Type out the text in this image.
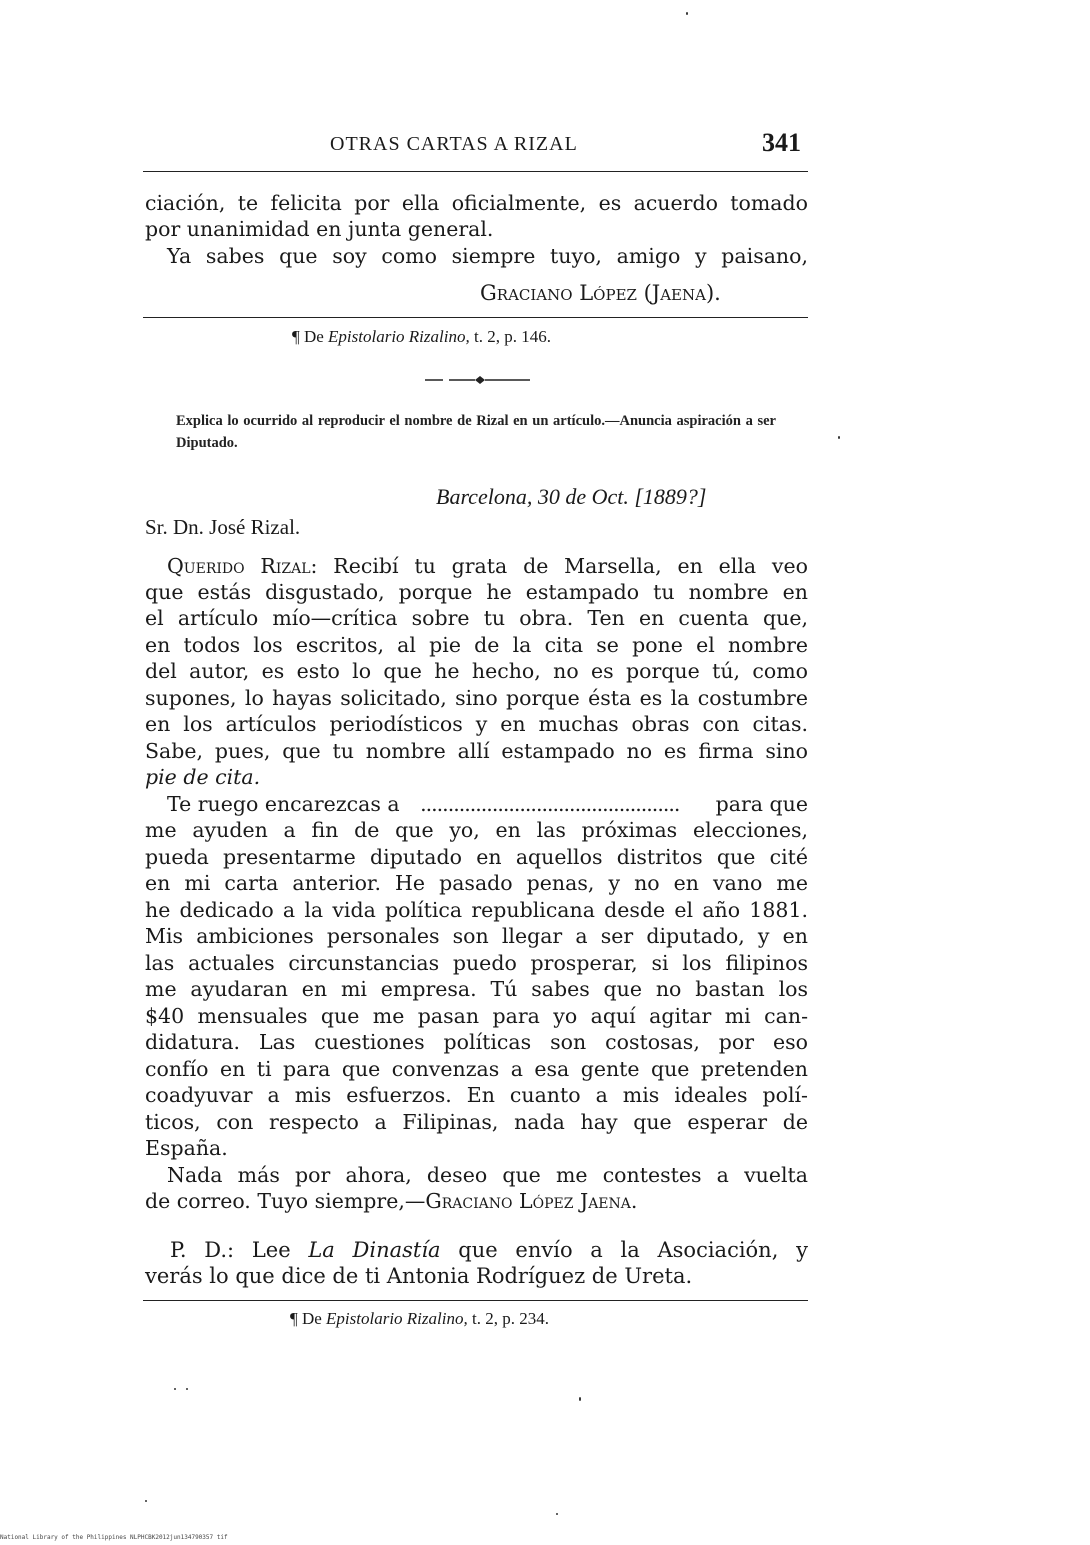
OTRAS CARTAS A RIZAL	341
ciación, te felicita por ella oficialmente, es acuerdo tomado
por unanimidad en junta general.
Ya sabes que soy como siempre tuyo, amigo y paisano,
Graciano López (Jaena).
¶ De Epistolario Rizalino, t. 2, p. 146.
Explica lo ocurrido al reproducir el nombre de Rizal en un artículo.—Anuncia aspiración a ser Diputado.
Barcelona, 30 de Oct. [1889?]
Sr. Dn. José Rizal.
Querido Rizal: Recibí tu grata de Marsella, en ella veo
que estás disgustado, porque he estampado tu nombre en
el artículo mío—crítica sobre tu obra. Ten en cuenta que,
en todos los escritos, al pie de la cita se pone el nombre
del autor, es esto lo que he hecho, no es porque tú, como
supones, lo hayas solicitado, sino porque ésta es la costumbre
en los artículos periodísticos y en muchas obras con citas.
Sabe, pues, que tu nombre allí estampado no es firma sino
pie de cita.
Te ruego encarezcas a ............................................... para que
me ayuden a fin de que yo, en las próximas elecciones,
pueda presentarme diputado en aquellos distritos que cité
en mi carta anterior. He pasado penas, y no en vano me
he dedicado a la vida política republicana desde el año 1881.
Mis ambiciones personales son llegar a ser diputado, y en
las actuales circunstancias puedo prosperar, si los filipinos
me ayudaran en mi empresa. Tú sabes que no bastan los
$40 mensuales que me pasan para yo aquí agitar mi can-
didatura. Las cuestiones políticas son costosas, por eso
confío en ti para que convenzas a esa gente que pretenden
coadyuvar a mis esfuerzos. En cuanto a mis ideales polí-
ticos, con respecto a Filipinas, nada hay que esperar de
España.
Nada más por ahora, deseo que me contestes a vuelta
de correo. Tuyo siempre,—Graciano López Jaena.
P. D.: Lee La Dinastía que envío a la Asociación, y
verás lo que dice de ti Antonia Rodríguez de Ureta.
¶ De Epistolario Rizalino, t. 2, p. 234.
National Library of the Philippines NLPHCBK2012jun134790357 tif
